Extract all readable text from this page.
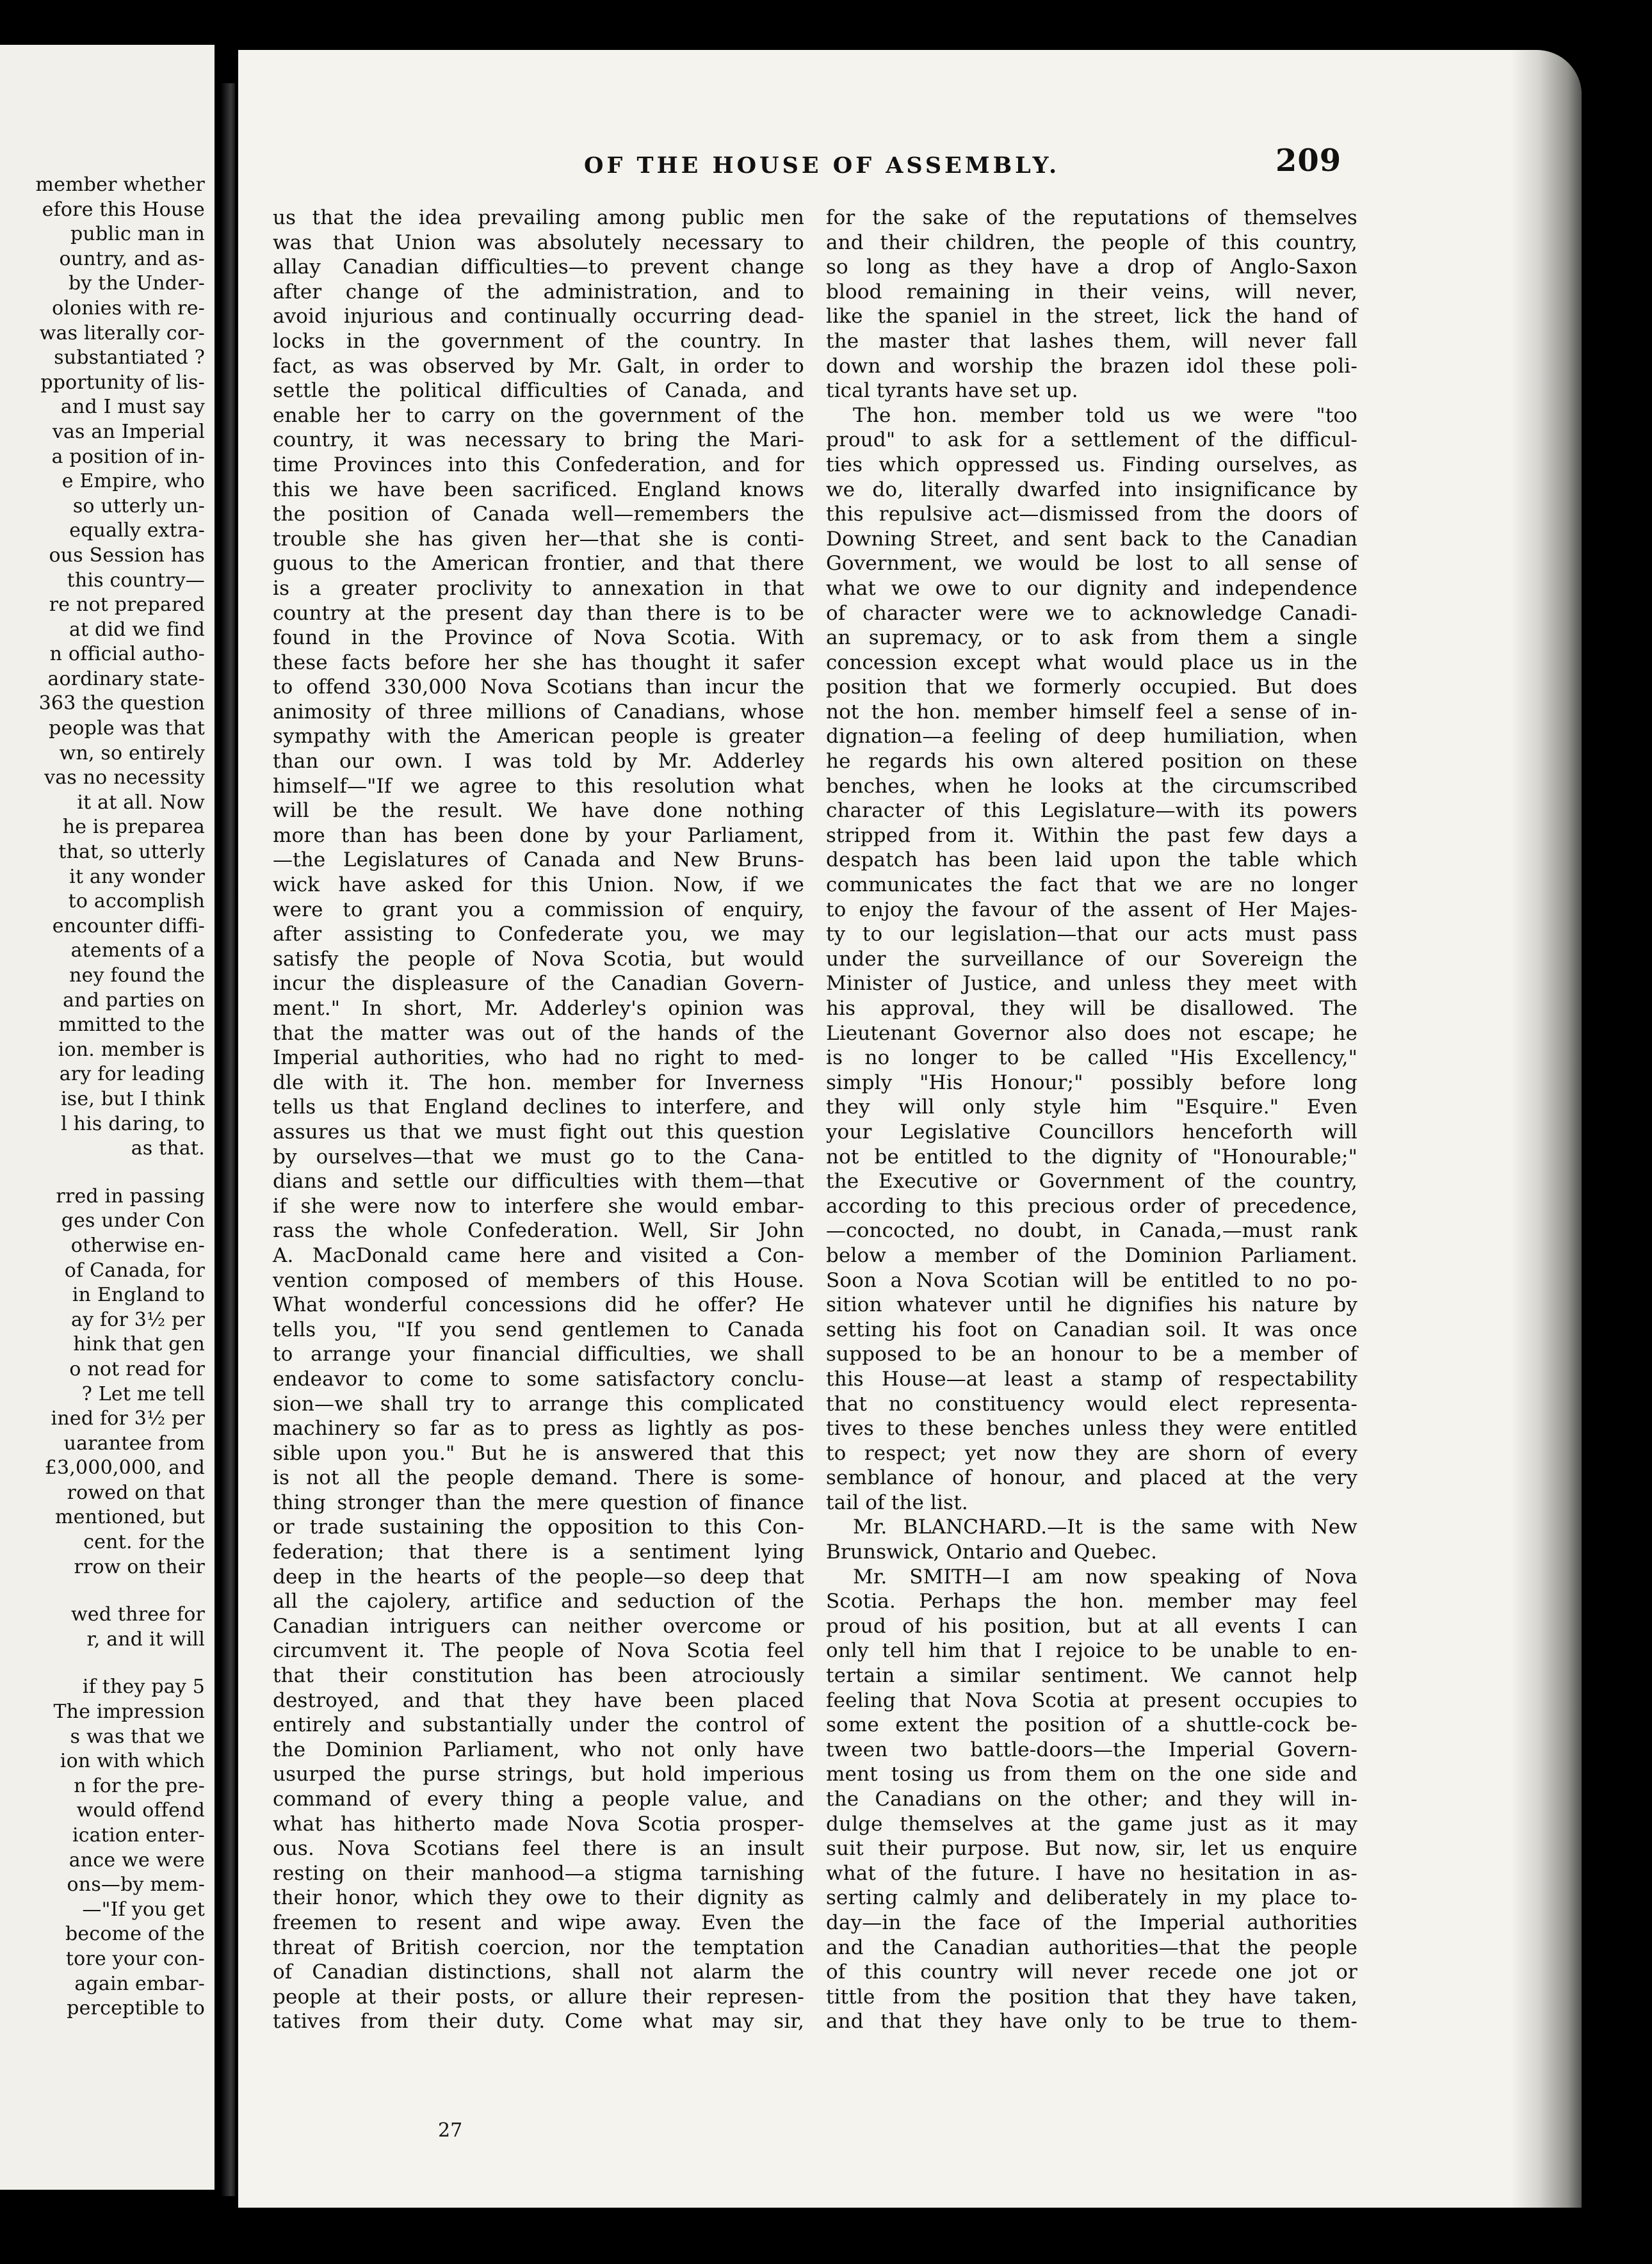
member whether
efore this House
public man in
ountry, and as-
by the Under-
olonies with re-
was literally cor-
substantiated ?
pportunity of lis-
and I must say
vas an Imperial
a position of in-
e Empire, who
so utterly un-
equally extra-
ous Session has
this country—
re not prepared
at did we find
n official autho-
aordinary state-
363 the question
people was that
wn, so entirely
vas no necessity
it at all. Now
he is preparea
that, so utterly
it any wonder
to accomplish
encounter diffi-
atements of a
ney found the
and parties on
mmitted to the
ion. member is
ary for leading
ise, but I think
l his daring, to
as that.
rred in passing
ges under Con
otherwise en-
of Canada, for
in England to
ay for 3½ per
hink that gen
o not read for
? Let me tell
ined for 3½ per
uarantee from
£3,000,000, and
rowed on that
mentioned, but
cent. for the
rrow on their
wed three for
r, and it will
if they pay 5
The impression
s was that we
ion with which
n for the pre-
would offend
ication enter-
ance we were
ons—by mem-
—"If you get
become of the
tore your con-
again embar-
perceptible to
OF THE HOUSE OF ASSEMBLY.	209
us that the idea prevailing among public men
was that Union was absolutely necessary to
allay Canadian difficulties—to prevent change
after change of the administration, and to
avoid injurious and continually occurring dead-
locks in the government of the country. In
fact, as was observed by Mr. Galt, in order to
settle the political difficulties of Canada, and
enable her to carry on the government of the
country, it was necessary to bring the Mari-
time Provinces into this Confederation, and for
this we have been sacrificed. England knows
the position of Canada well—remembers the
trouble she has given her—that she is conti-
guous to the American frontier, and that there
is a greater proclivity to annexation in that
country at the present day than there is to be
found in the Province of Nova Scotia. With
these facts before her she has thought it safer
to offend 330,000 Nova Scotians than incur the
animosity of three millions of Canadians, whose
sympathy with the American people is greater
than our own. I was told by Mr. Adderley
himself—"If we agree to this resolution what
will be the result. We have done nothing
more than has been done by your Parliament,
—the Legislatures of Canada and New Bruns-
wick have asked for this Union. Now, if we
were to grant you a commission of enquiry,
after assisting to Confederate you, we may
satisfy the people of Nova Scotia, but would
incur the displeasure of the Canadian Govern-
ment." In short, Mr. Adderley's opinion was
that the matter was out of the hands of the
Imperial authorities, who had no right to med-
dle with it. The hon. member for Inverness
tells us that England declines to interfere, and
assures us that we must fight out this question
by ourselves—that we must go to the Cana-
dians and settle our difficulties with them—that
if she were now to interfere she would embar-
rass the whole Confederation. Well, Sir John
A. MacDonald came here and visited a Con-
vention composed of members of this House.
What wonderful concessions did he offer? He
tells you, "If you send gentlemen to Canada
to arrange your financial difficulties, we shall
endeavor to come to some satisfactory conclu-
sion—we shall try to arrange this complicated
machinery so far as to press as lightly as pos-
sible upon you." But he is answered that this
is not all the people demand. There is some-
thing stronger than the mere question of finance
or trade sustaining the opposition to this Con-
federation; that there is a sentiment lying
deep in the hearts of the people—so deep that
all the cajolery, artifice and seduction of the
Canadian intriguers can neither overcome or
circumvent it. The people of Nova Scotia feel
that their constitution has been atrociously
destroyed, and that they have been placed
entirely and substantially under the control of
the Dominion Parliament, who not only have
usurped the purse strings, but hold imperious
command of every thing a people value, and
what has hitherto made Nova Scotia prosper-
ous. Nova Scotians feel there is an insult
resting on their manhood—a stigma tarnishing
their honor, which they owe to their dignity as
freemen to resent and wipe away. Even the
threat of British coercion, nor the temptation
of Canadian distinctions, shall not alarm the
people at their posts, or allure their represen-
tatives from their duty. Come what may sir,
for the sake of the reputations of themselves
and their children, the people of this country,
so long as they have a drop of Anglo-Saxon
blood remaining in their veins, will never,
like the spaniel in the street, lick the hand of
the master that lashes them, will never fall
down and worship the brazen idol these poli-
tical tyrants have set up.
The hon. member told us we were "too
proud" to ask for a settlement of the difficul-
ties which oppressed us. Finding ourselves, as
we do, literally dwarfed into insignificance by
this repulsive act—dismissed from the doors of
Downing Street, and sent back to the Canadian
Government, we would be lost to all sense of
what we owe to our dignity and independence
of character were we to acknowledge Canadi-
an supremacy, or to ask from them a single
concession except what would place us in the
position that we formerly occupied. But does
not the hon. member himself feel a sense of in-
dignation—a feeling of deep humiliation, when
he regards his own altered position on these
benches, when he looks at the circumscribed
character of this Legislature—with its powers
stripped from it. Within the past few days a
despatch has been laid upon the table which
communicates the fact that we are no longer
to enjoy the favour of the assent of Her Majes-
ty to our legislation—that our acts must pass
under the surveillance of our Sovereign the
Minister of Justice, and unless they meet with
his approval, they will be disallowed. The
Lieutenant Governor also does not escape; he
is no longer to be called "His Excellency,"
simply "His Honour;" possibly before long
they will only style him "Esquire." Even
your Legislative Councillors henceforth will
not be entitled to the dignity of "Honourable;"
the Executive or Government of the country,
according to this precious order of precedence,
—concocted, no doubt, in Canada,—must rank
below a member of the Dominion Parliament.
Soon a Nova Scotian will be entitled to no po-
sition whatever until he dignifies his nature by
setting his foot on Canadian soil. It was once
supposed to be an honour to be a member of
this House—at least a stamp of respectability
that no constituency would elect representa-
tives to these benches unless they were entitled
to respect; yet now they are shorn of every
semblance of honour, and placed at the very
tail of the list.
Mr. BLANCHARD.—It is the same with New
Brunswick, Ontario and Quebec.
Mr. SMITH—I am now speaking of Nova
Scotia. Perhaps the hon. member may feel
proud of his position, but at all events I can
only tell him that I rejoice to be unable to en-
tertain a similar sentiment. We cannot help
feeling that Nova Scotia at present occupies to
some extent the position of a shuttle-cock be-
tween two battle-doors—the Imperial Govern-
ment tosing us from them on the one side and
the Canadians on the other; and they will in-
dulge themselves at the game just as it may
suit their purpose. But now, sir, let us enquire
what of the future. I have no hesitation in as-
serting calmly and deliberately in my place to-
day—in the face of the Imperial authorities
and the Canadian authorities—that the people
of this country will never recede one jot or
tittle from the position that they have taken,
and that they have only to be true to them-
27
